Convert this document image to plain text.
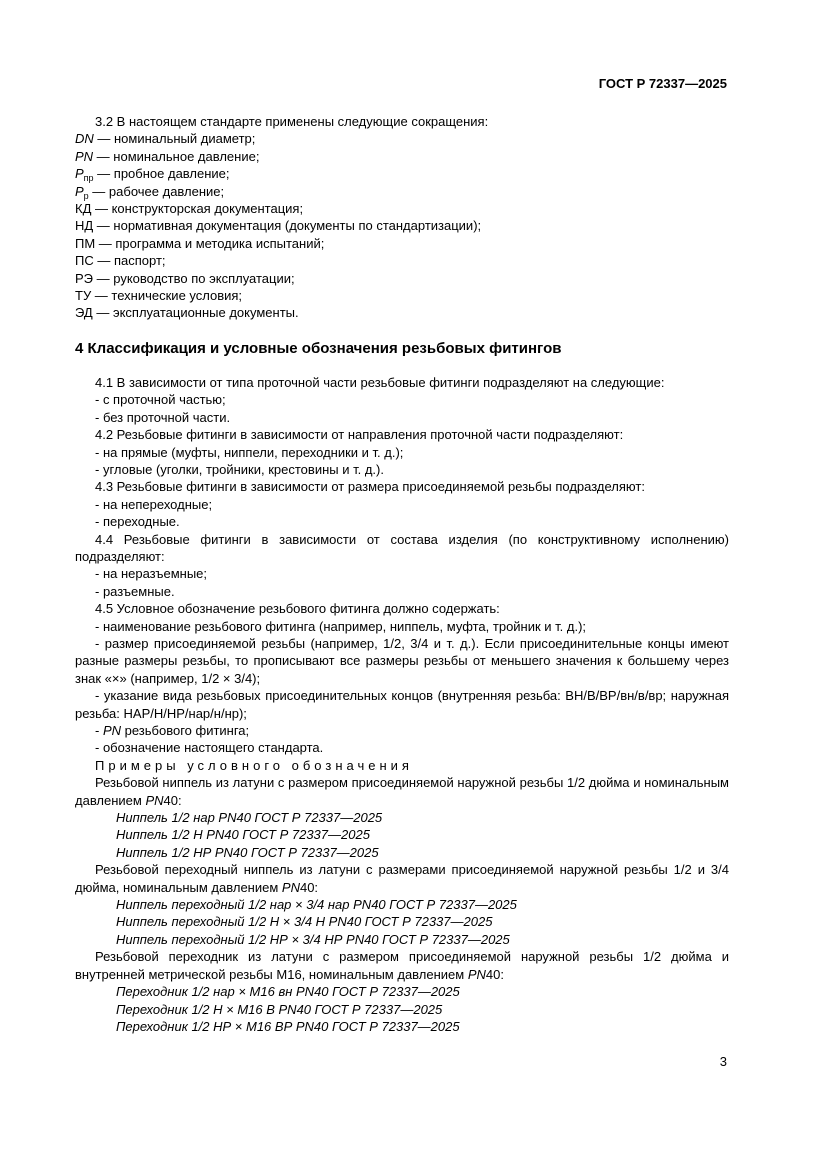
ГОСТ Р 72337—2025

3.2 В настоящем стандарте применены следующие сокращения:

DN — номинальный диаметр;

PN — номинальное давление;

$P_{пр}$ — пробное давление;

$P_р$ — рабочее давление;

КД — конструкторская документация;

НД — нормативная документация (документы по стандартизации);

ПМ — программа и методика испытаний;

ПС — паспорт;

РЭ — руководство по эксплуатации;

ТУ — технические условия;

ЭД — эксплуатационные документы.

4 Классификация и условные обозначения резьбовых фитингов

4.1 В зависимости от типа проточной части резьбовые фитинги подразделяют на следующие:

- с проточной частью;

- без проточной части.

4.2 Резьбовые фитинги в зависимости от направления проточной части подразделяют:

- на прямые (муфты, ниппели, переходники и т. д.);

- угловые (уголки, тройники, крестовины и т. д.).

4.3 Резьбовые фитинги в зависимости от размера присоединяемой резьбы подразделяют:

- на непереходные;

- переходные.

4.4 Резьбовые фитинги в зависимости от состава изделия (по конструктивному исполнению) подразделяют:

- на неразъемные;

- разъемные.

4.5 Условное обозначение резьбового фитинга должно содержать:

- наименование резьбового фитинга (например, ниппель, муфта, тройник и т. д.);

- размер присоединяемой резьбы (например, 1/2, 3/4 и т. д.). Если присоединительные концы имеют разные размеры резьбы, то прописывают все размеры резьбы от меньшего значения к большему через знак «×» (например, 1/2 × 3/4);

- указание вида резьбовых присоединительных концов (внутренняя резьба: ВН/В/ВР/вн/в/вр; наружная резьба: НАР/Н/НР/нар/н/нр);

- PN резьбового фитинга;

- обозначение настоящего стандарта.

Примеры условного обозначения

Резьбовой ниппель из латуни с размером присоединяемой наружной резьбы 1/2 дюйма и номинальным давлением PN40:

Ниппель 1/2 нар PN40 ГОСТ Р 72337—2025

Ниппель 1/2 Н PN40 ГОСТ Р 72337—2025

Ниппель 1/2 НР PN40 ГОСТ Р 72337—2025

Резьбовой переходный ниппель из латуни с размерами присоединяемой наружной резьбы 1/2 и 3/4 дюйма, номинальным давлением PN40:

Ниппель переходный 1/2 нар × 3/4 нар PN40 ГОСТ Р 72337—2025

Ниппель переходный 1/2 Н × 3/4 Н PN40 ГОСТ Р 72337—2025

Ниппель переходный 1/2 НР × 3/4 НР PN40 ГОСТ Р 72337—2025

Резьбовой переходник из латуни с размером присоединяемой наружной резьбы 1/2 дюйма и внутренней метрической резьбы М16, номинальным давлением PN40:

Переходник 1/2 нар × М16 вн PN40 ГОСТ Р 72337—2025

Переходник 1/2 Н × М16 В PN40 ГОСТ Р 72337—2025

Переходник 1/2 НР × М16 ВР PN40 ГОСТ Р 72337—2025

3
